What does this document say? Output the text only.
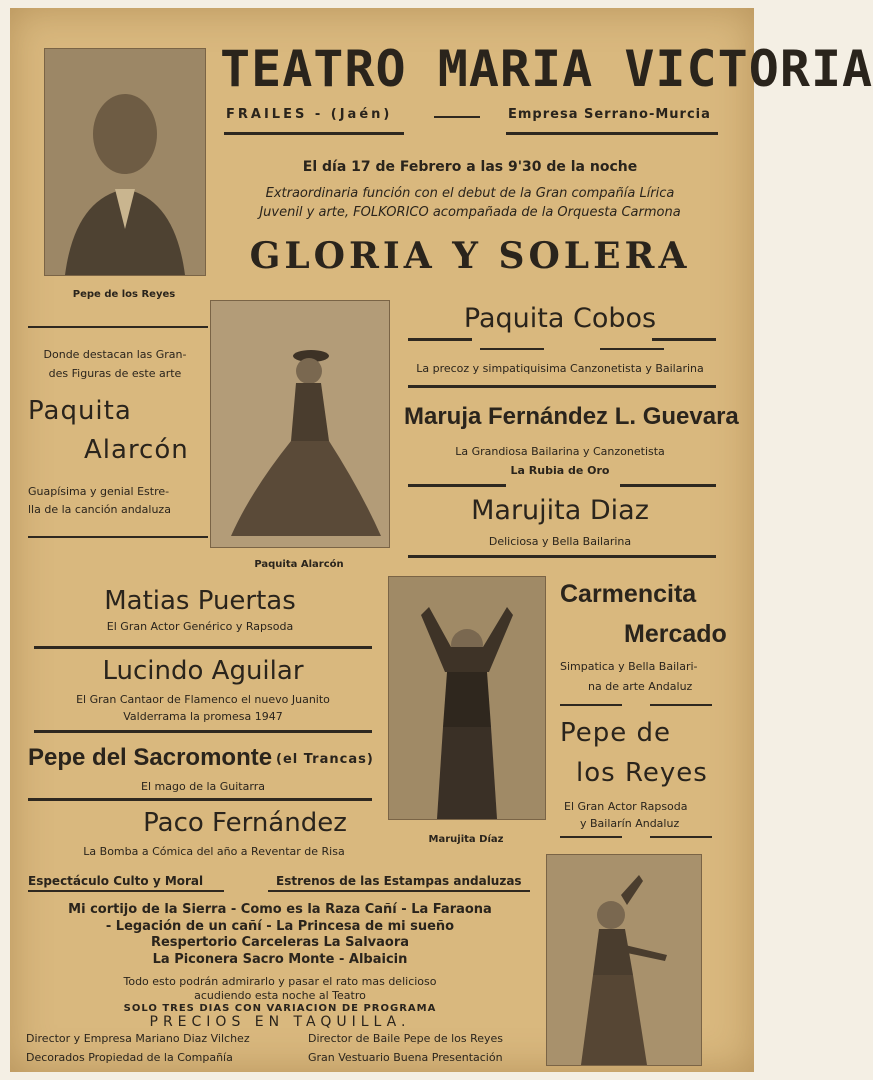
Pepe de los Reyes
TEATRO MARIA VICTORIA
FRAILES - (Jaén)	Empresa Serrano-Murcia
El día 17 de Febrero a las 9'30 de la noche
Extraordinaria función con el debut de la Gran compañía Lírica
Juvenil y arte, FOLKORICO acompañada de la Orquesta Carmona
GLORIA Y SOLERA
Donde destacan las Gran-
des Figuras de este arte
Paquita
Alarcón
Guapísima y genial Estre-
lla de la canción andaluza
Paquita Alarcón
Paquita Cobos
La precoz y simpatiquisima Canzonetista y Bailarina
Maruja Fernández L. Guevara
La Grandiosa Bailarina y Canzonetista
La Rubia de Oro
Marujita Diaz
Deliciosa y Bella Bailarina
Matias Puertas
El Gran Actor Genérico y Rapsoda
Lucindo Aguilar
El Gran Cantaor de Flamenco el nuevo Juanito
Valderrama la promesa 1947
Pepe del Sacromonte (el Trancas)
El mago de la Guitarra
Paco Fernández
La Bomba a Cómica del año a Reventar de Risa
Marujita Díaz
Carmencita
Mercado
Simpatica y Bella Bailari-
na de arte Andaluz
Pepe de
los Reyes
El Gran Actor Rapsoda
y Bailarín Andaluz
Espectáculo Culto y Moral	Estrenos de las Estampas andaluzas
Mi cortijo de la Sierra - Como es la Raza Cañí - La Faraona
- Legación de un cañí - La Princesa de mi sueño
Respertorio Carceleras La Salvaora
La Piconera Sacro Monte - Albaicin
Todo esto podrán admirarlo y pasar el rato mas delicioso
acudiendo esta noche al Teatro
SOLO TRES DIAS CON VARIACION DE PROGRAMA
PRECIOS EN TAQUILLA.
Director y Empresa Mariano Diaz Vilchez	Director de Baile Pepe de los Reyes
Decorados Propiedad de la Compañía	Gran Vestuario Buena Presentación
